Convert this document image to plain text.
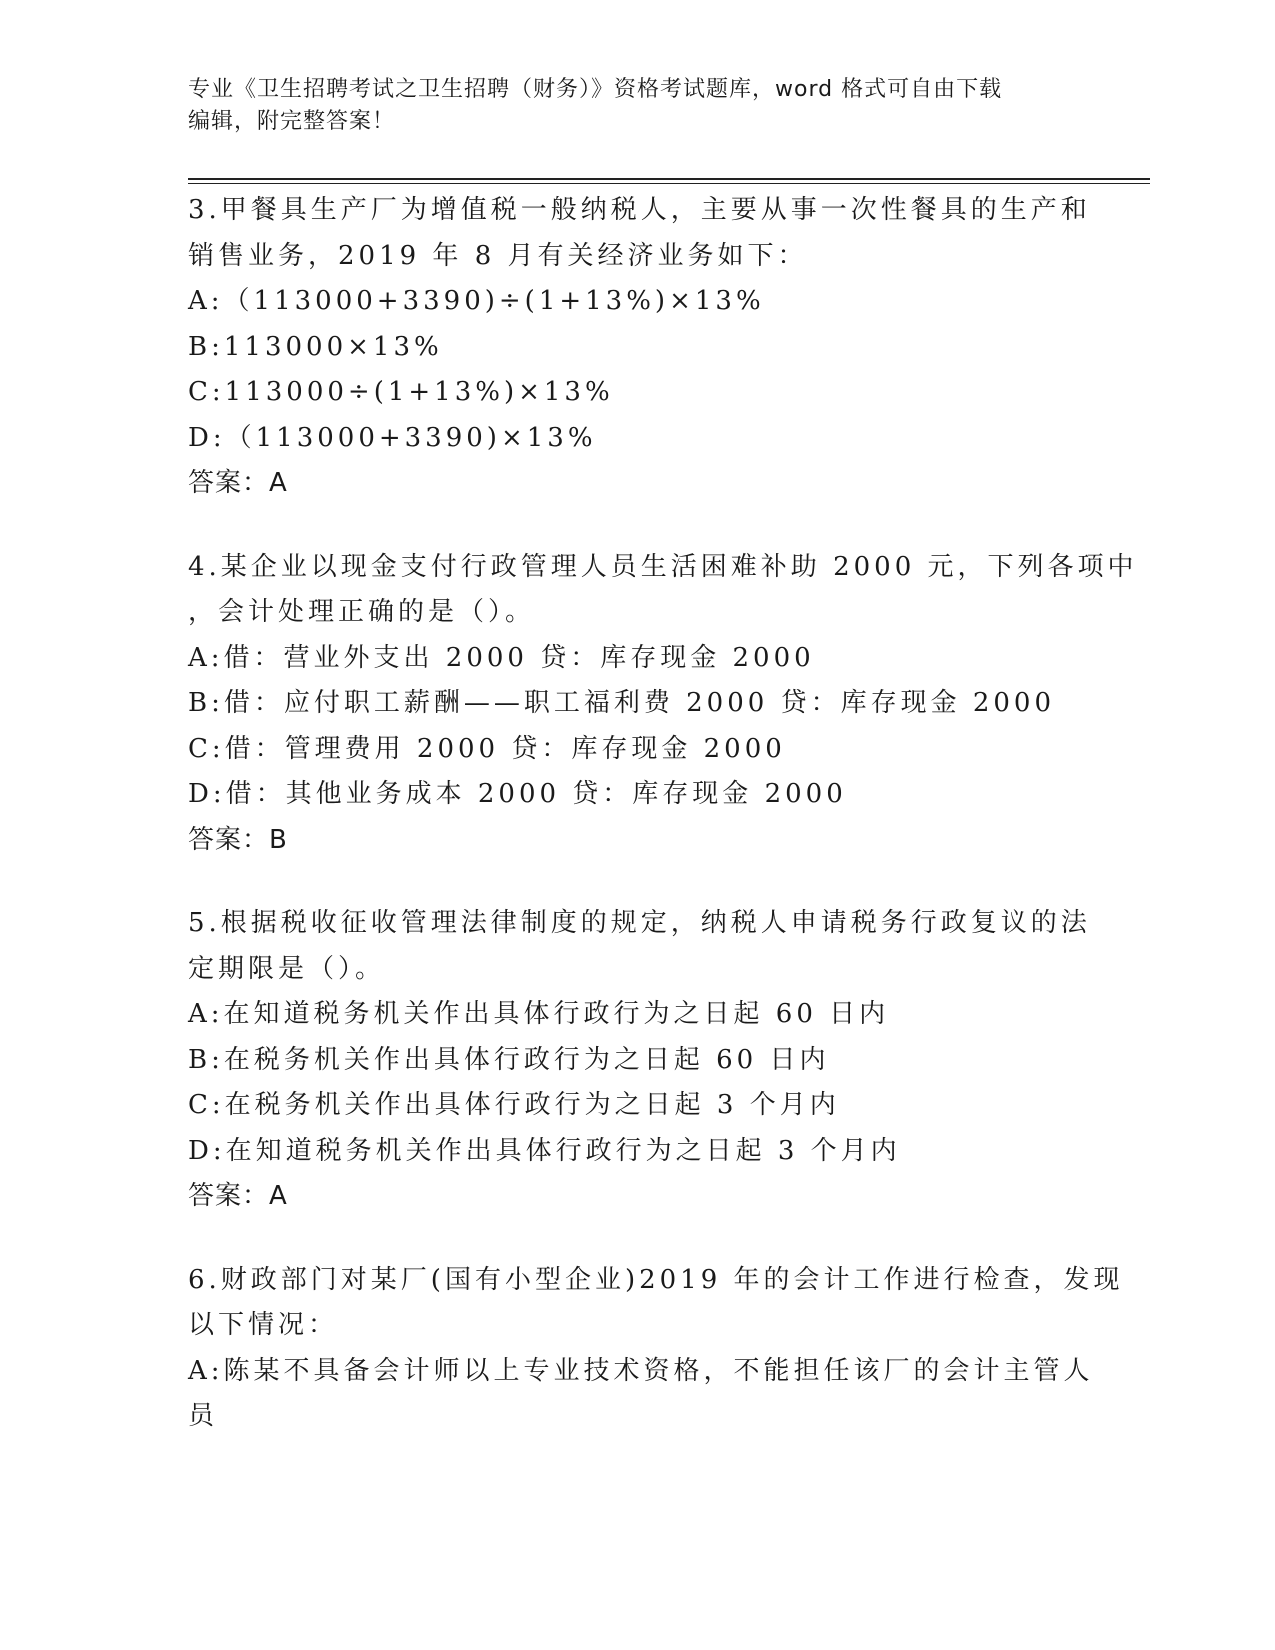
专业《卫生招聘考试之卫生招聘（财务）》资格考试题库，word 格式可自由下载

编辑，附完整答案！

3.甲餐具生产厂为增值税一般纳税人，主要从事一次性餐具的生产和
销售业务，2019 年 8 月有关经济业务如下：
A:（113000+3390)÷(1+13%)×13%
B:113000×13%
C:113000÷(1+13%)×13%
D:（113000+3390)×13%
答案：A
4.某企业以现金支付行政管理人员生活困难补助 2000 元，下列各项中
，会计处理正确的是（）。
A:借：营业外支出 2000 贷：库存现金 2000
B:借：应付职工薪酬——职工福利费 2000 贷：库存现金 2000
C:借：管理费用 2000 贷：库存现金 2000
D:借：其他业务成本 2000 贷：库存现金 2000
答案：B
5.根据税收征收管理法律制度的规定，纳税人申请税务行政复议的法
定期限是（）。
A:在知道税务机关作出具体行政行为之日起 60 日内
B:在税务机关作出具体行政行为之日起 60 日内
C:在税务机关作出具体行政行为之日起 3 个月内
D:在知道税务机关作出具体行政行为之日起 3 个月内
答案：A
6.财政部门对某厂(国有小型企业)2019 年的会计工作进行检查，发现
以下情况：
A:陈某不具备会计师以上专业技术资格，不能担任该厂的会计主管人
员
